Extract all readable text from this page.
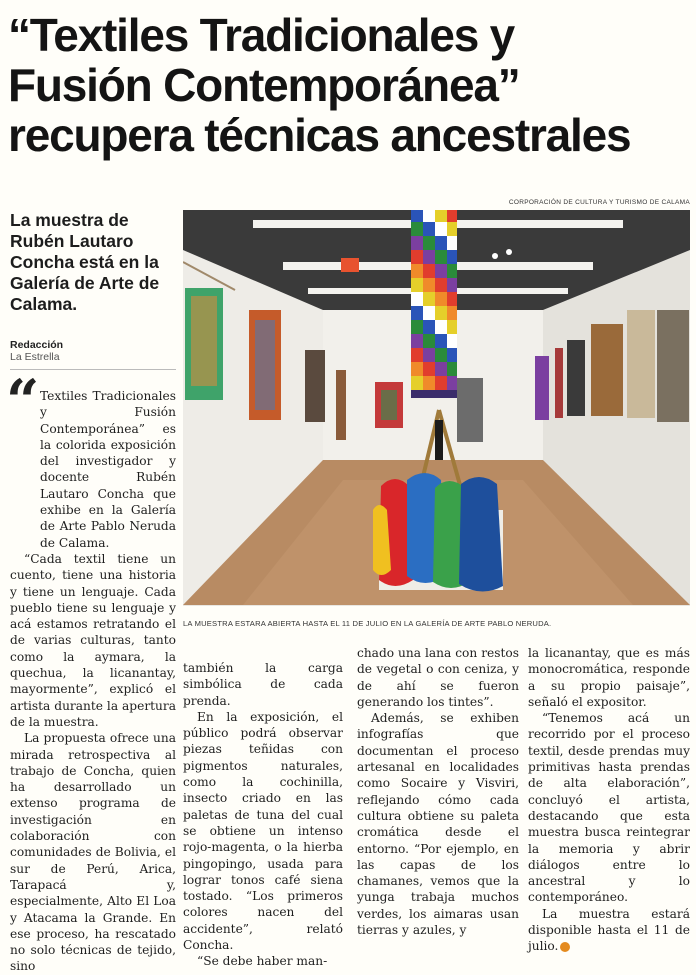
“Textiles Tradicionales y
Fusión Contemporánea”
recupera técnicas ancestrales
CORPORACIÓN DE CULTURA Y TURISMO DE CALAMA

La muestra de Rubén Lautaro Concha está en la Galería de Arte de Calama.

Redacción
La Estrella
“
LA MUESTRA ESTARA ABIERTA HASTA EL 11 DE JULIO EN LA GALERÍA DE ARTE PABLO NERUDA.

Textiles Tradicionales y Fusión Contemporánea” es la colorida exposición del investigador y docente Rubén Lautaro Concha que exhibe en la Galería de Arte Pablo Neruda de Calama.

“Cada textil tiene un cuento, tiene una historia y tiene un lenguaje. Cada pueblo tiene su lenguaje y acá estamos retratando el de varias culturas, tanto como la aymara, la quechua, la licanantay, mayormente”, explicó el artista durante la apertura de la muestra.

La propuesta ofrece una mirada retrospectiva al trabajo de Concha, quien ha desarrollado un extenso programa de investigación en colaboración con comunidades de Bolivia, el sur de Perú, Arica, Tarapacá y, especialmente, Alto El Loa y Atacama la Grande. En ese proceso, ha rescatado no solo técnicas de tejido, sino

también la carga simbólica de cada prenda.

En la exposición, el público podrá observar piezas teñidas con pigmentos naturales, como la cochinilla, insecto criado en las paletas de tuna del cual se obtiene un intenso rojo-magenta, o la hierba pingopingo, usada para lograr tonos café siena tostado. “Los primeros colores nacen del accidente”, relató Concha.

“Se debe haber man-

chado una lana con restos de vegetal o con ceniza, y de ahí se fueron generando los tintes”.

Además, se exhiben infografías que documentan el proceso artesanal en localidades como Socaire y Visviri, reflejando cómo cada cultura obtiene su paleta cromática desde el entorno. “Por ejemplo, en las capas de los chamanes, vemos que la yunga trabaja muchos verdes, los aimaras usan tierras y azules, y

la licanantay, que es más monocromática, responde a su propio paisaje”, señaló el expositor.

“Tenemos acá un recorrido por el proceso textil, desde prendas muy primitivas hasta prendas de alta elaboración”, concluyó el artista, destacando que esta muestra busca reintegrar la memoria y abrir diálogos entre lo ancestral y lo contemporáneo.

La muestra estará disponible hasta el 11 de julio.
